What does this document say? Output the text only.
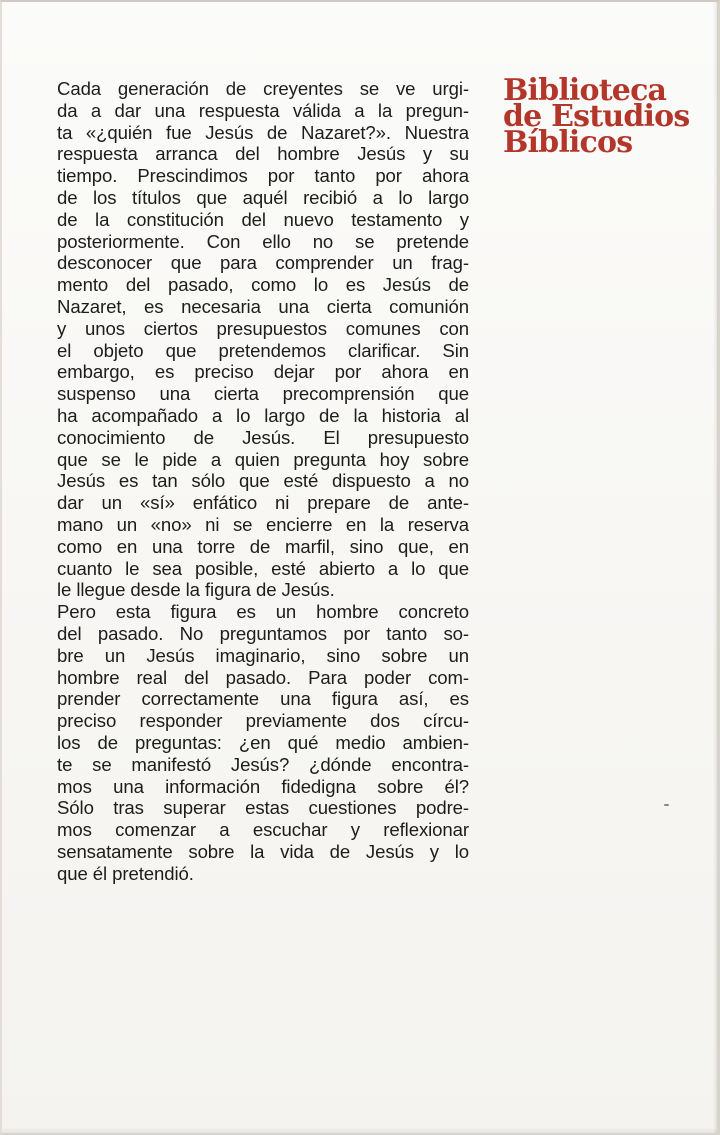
Biblioteca
de Estudios
Bíblicos
Cada generación de creyentes se ve urgi-
da a dar una respuesta válida a la pregun-
ta «¿quién fue Jesús de Nazaret?». Nuestra
respuesta arranca del hombre Jesús y su
tiempo. Prescindimos por tanto por ahora
de los títulos que aquél recibió a lo largo
de la constitución del nuevo testamento y
posteriormente. Con ello no se pretende
desconocer que para comprender un frag-
mento del pasado, como lo es Jesús de
Nazaret, es necesaria una cierta comunión
y unos ciertos presupuestos comunes con
el objeto que pretendemos clarificar. Sin
embargo, es preciso dejar por ahora en
suspenso una cierta precomprensión que
ha acompañado a lo largo de la historia al
conocimiento de Jesús. El presupuesto
que se le pide a quien pregunta hoy sobre
Jesús es tan sólo que esté dispuesto a no
dar un «sí» enfático ni prepare de ante-
mano un «no» ni se encierre en la reserva
como en una torre de marfil, sino que, en
cuanto le sea posible, esté abierto a lo que
le llegue desde la figura de Jesús.
Pero esta figura es un hombre concreto
del pasado. No preguntamos por tanto so-
bre un Jesús imaginario, sino sobre un
hombre real del pasado. Para poder com-
prender correctamente una figura así, es
preciso responder previamente dos círcu-
los de preguntas: ¿en qué medio ambien-
te se manifestó Jesús? ¿dónde encontra-
mos una información fidedigna sobre él?
Sólo tras superar estas cuestiones podre-
mos comenzar a escuchar y reflexionar
sensatamente sobre la vida de Jesús y lo
que él pretendió.
